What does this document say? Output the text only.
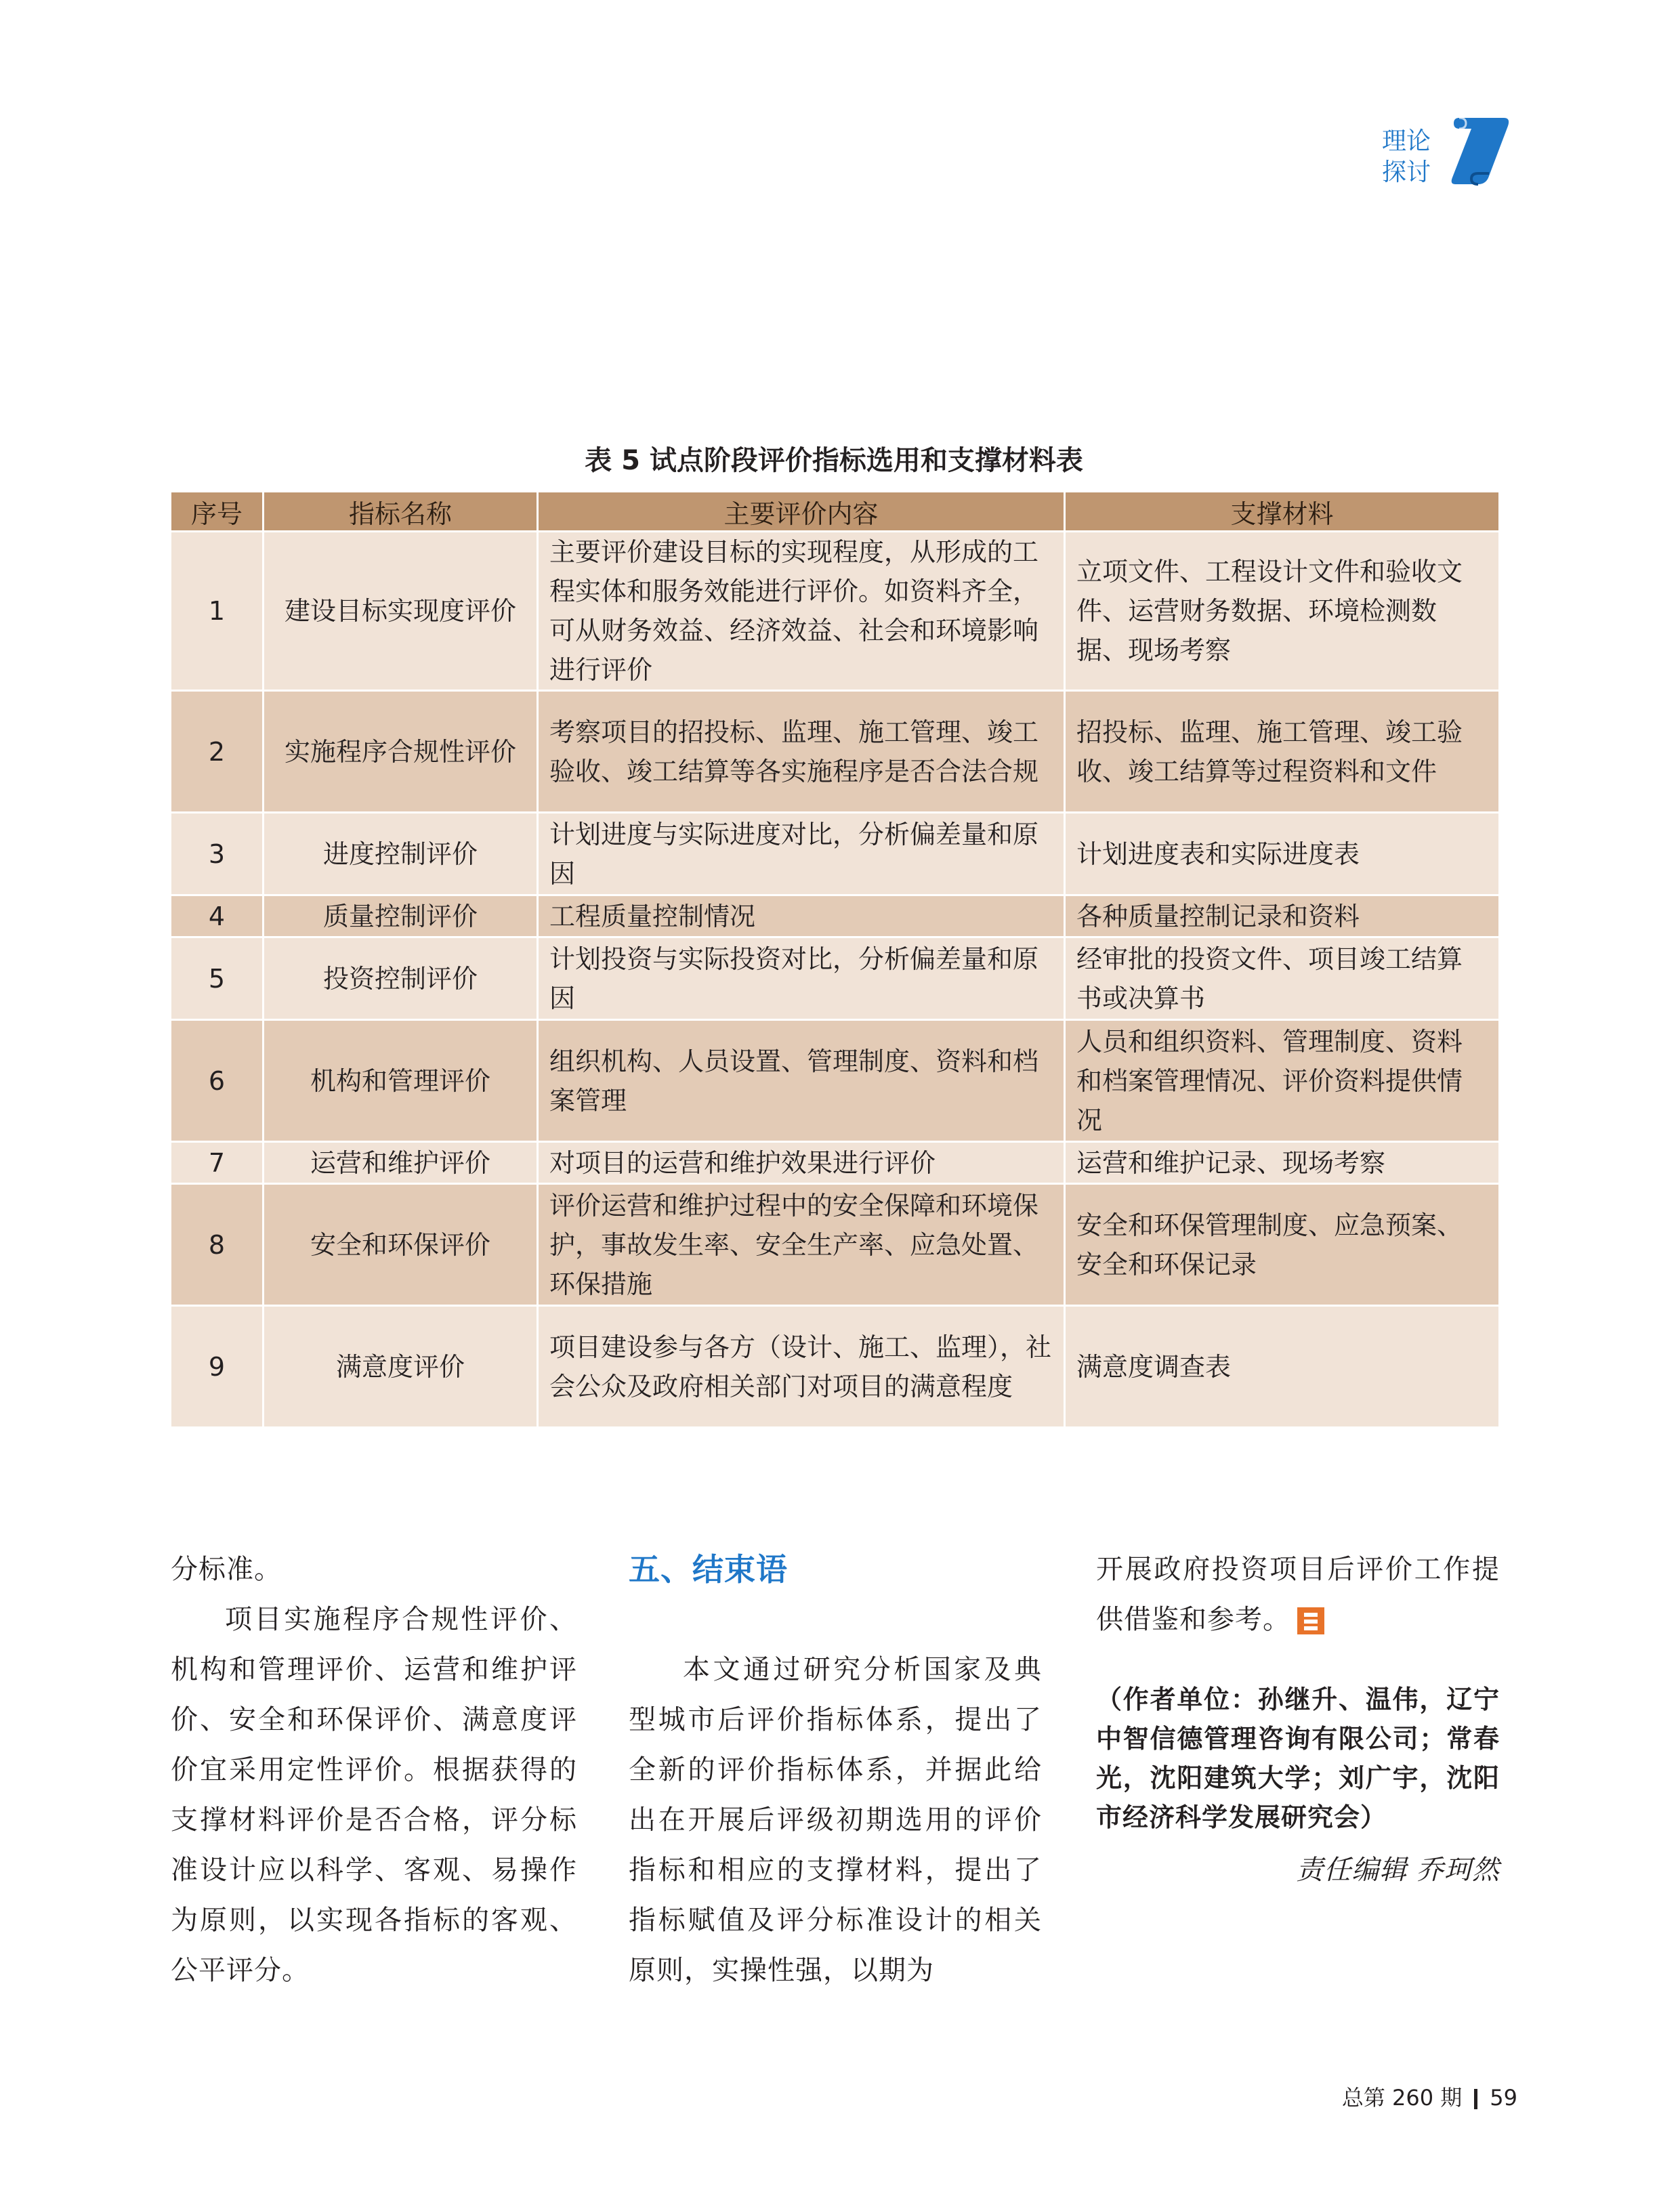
理论
探讨
表 5 试点阶段评价指标选用和支撑材料表
序号	指标名称	主要评价内容	支撑材料
1	建设目标实现度评价	主要评价建设目标的实现程度，从形成的工程实体和服务效能进行评价。如资料齐全，可从财务效益、经济效益、社会和环境影响进行评价	立项文件、工程设计文件和验收文件、运营财务数据、环境检测数据、现场考察
2	实施程序合规性评价	考察项目的招投标、监理、施工管理、竣工验收、竣工结算等各实施程序是否合法合规	招投标、监理、施工管理、竣工验收、竣工结算等过程资料和文件
3	进度控制评价	计划进度与实际进度对比，分析偏差量和原因	计划进度表和实际进度表
4	质量控制评价	工程质量控制情况	各种质量控制记录和资料
5	投资控制评价	计划投资与实际投资对比，分析偏差量和原因	经审批的投资文件、项目竣工结算书或决算书
6	机构和管理评价	组织机构、人员设置、管理制度、资料和档案管理	人员和组织资料、管理制度、资料和档案管理情况、评价资料提供情况
7	运营和维护评价	对项目的运营和维护效果进行评价	运营和维护记录、现场考察
8	安全和环保评价	评价运营和维护过程中的安全保障和环境保护，事故发生率、安全生产率、应急处置、环保措施	安全和环保管理制度、应急预案、安全和环保记录
9	满意度评价	项目建设参与各方（设计、施工、监理），社会公众及政府相关部门对项目的满意程度	满意度调查表

分标准。

项目实施程序合规性评价、机构和管理评价、运营和维护评价、安全和环保评价、满意度评价宜采用定性评价。根据获得的支撑材料评价是否合格，评分标准设计应以科学、客观、易操作为原则，以实现各指标的客观、公平评分。

五、结束语

本文通过研究分析国家及典型城市后评价指标体系，提出了全新的评价指标体系，并据此给出在开展后评级初期选用的评价指标和相应的支撑材料，提出了指标赋值及评分标准设计的相关原则，实操性强，以期为

开展政府投资项目后评价工作提供借鉴和参考。

（作者单位：孙继升、温伟，辽宁中智信德管理咨询有限公司；常春光，沈阳建筑大学；刘广宇，沈阳市经济科学发展研究会）

责任编辑 乔珂然

总第 260 期 59
